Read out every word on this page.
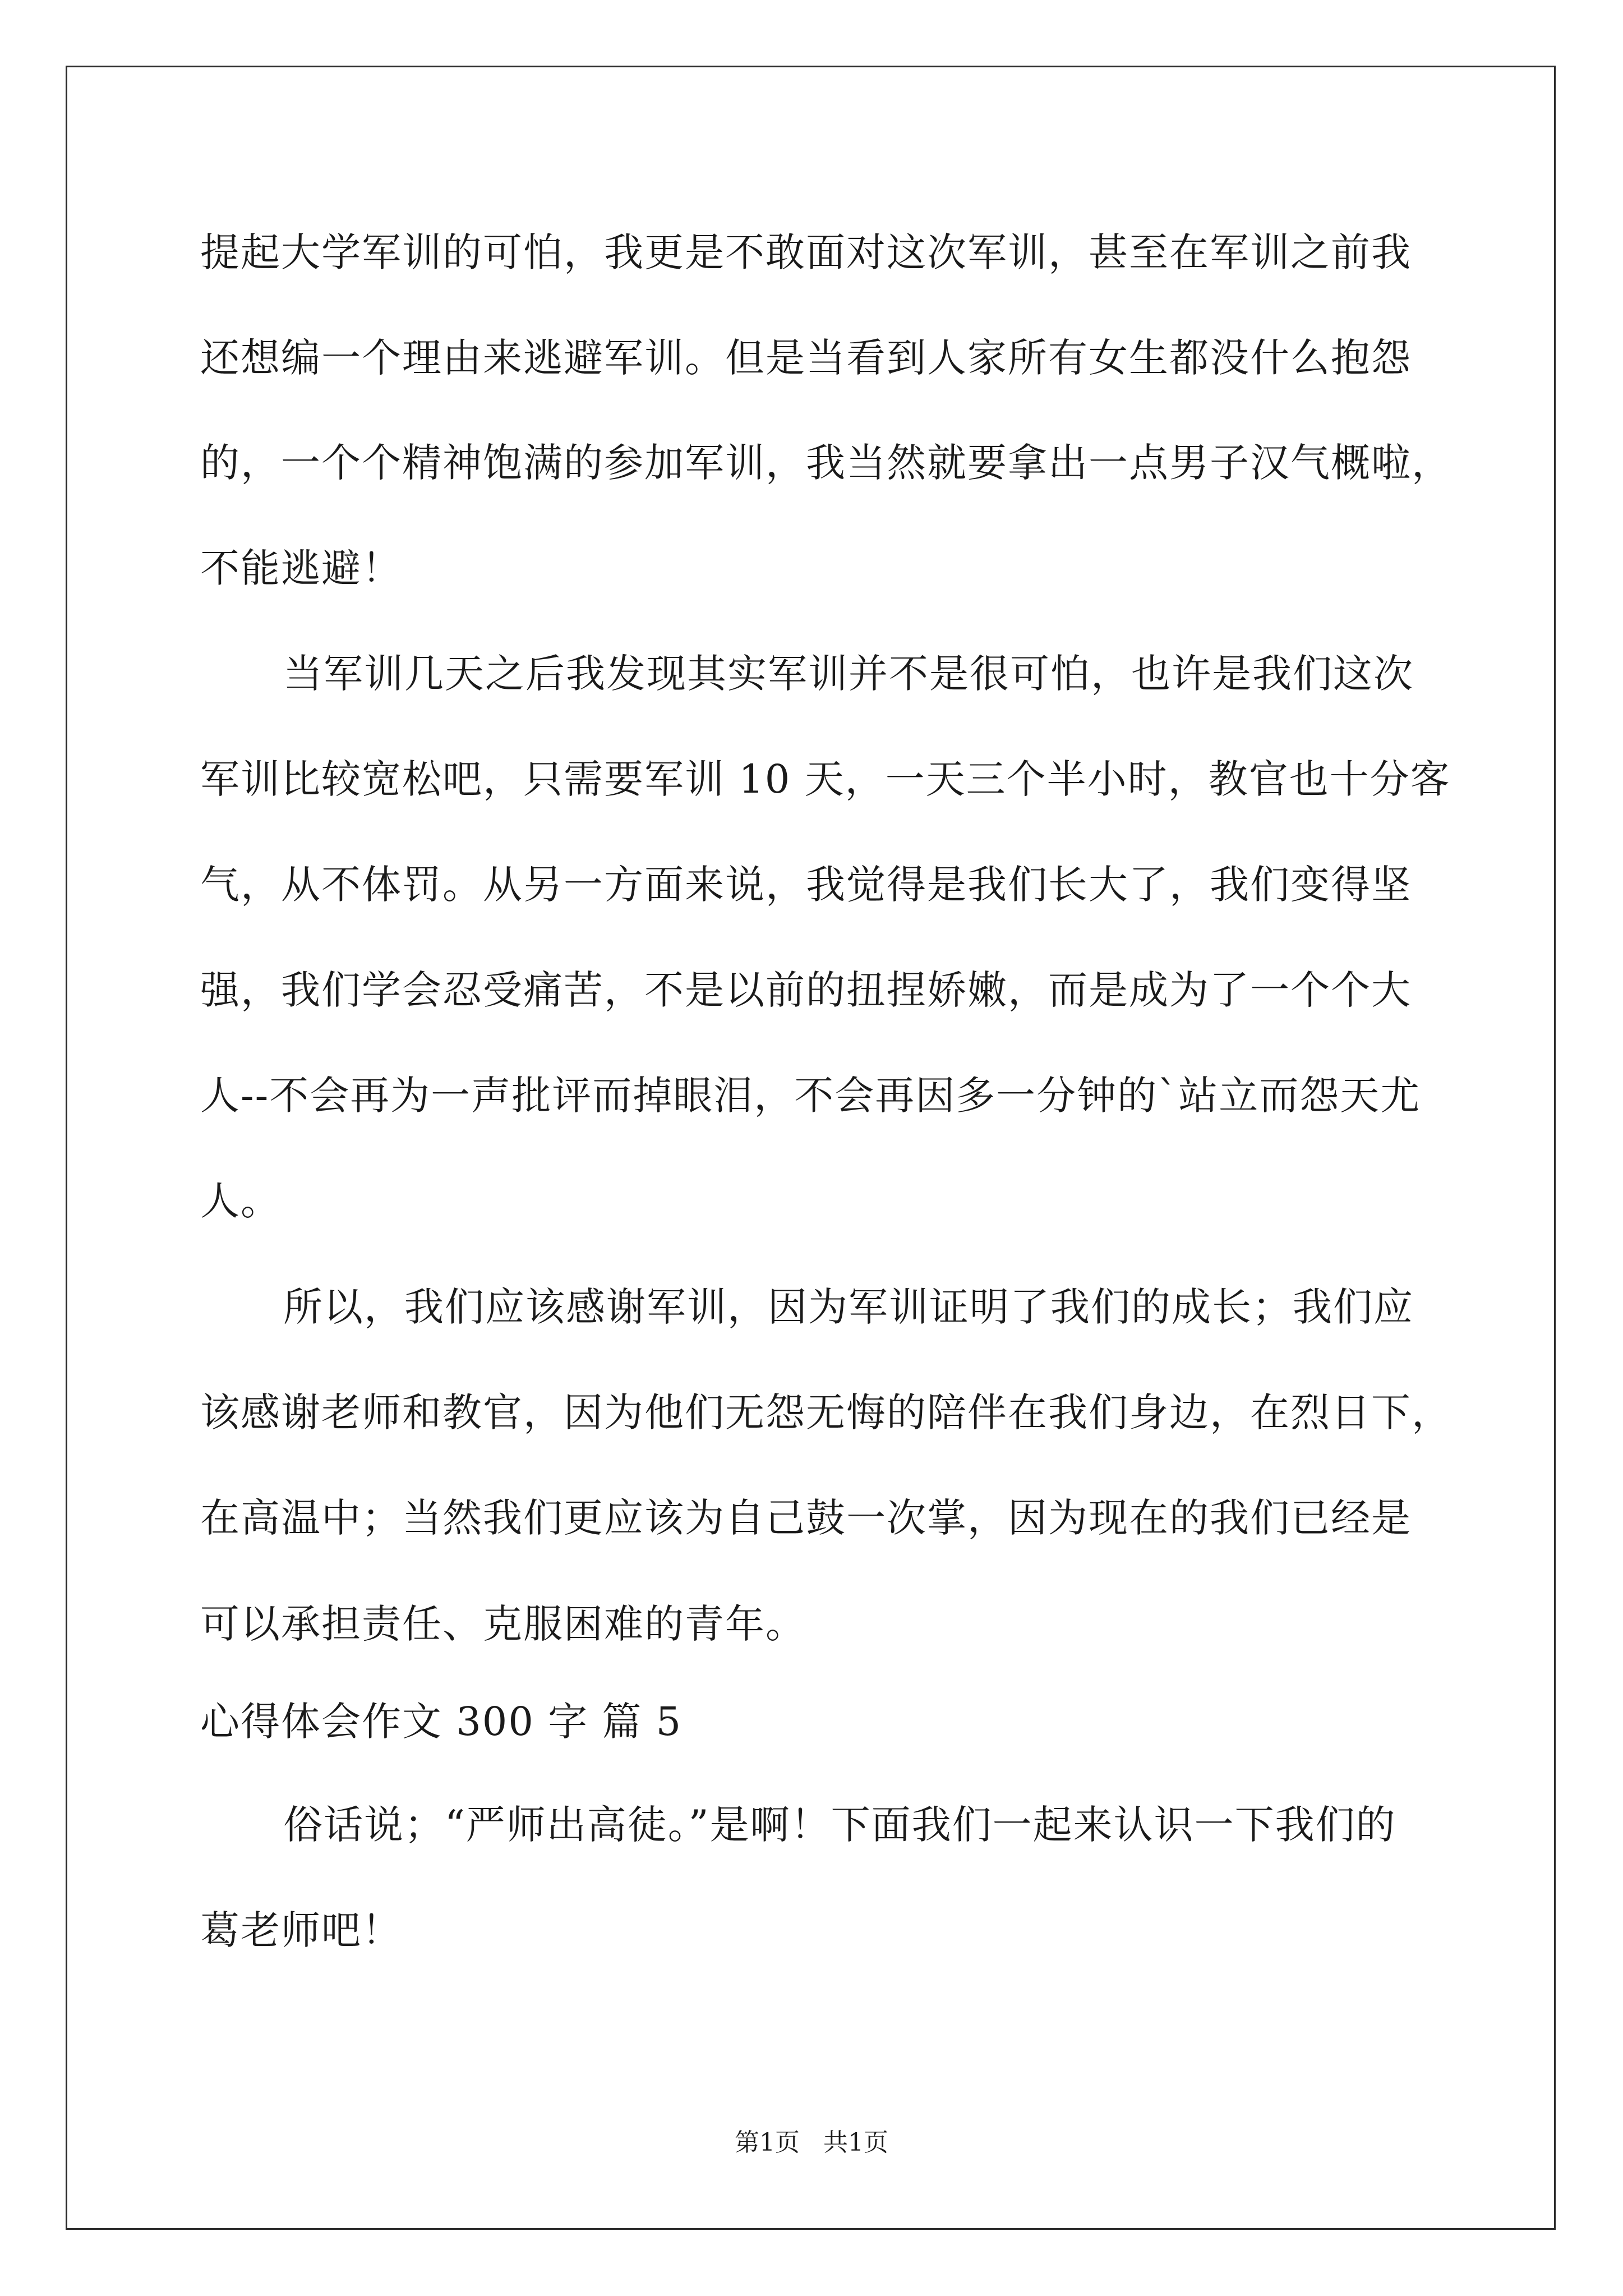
提起大学军训的可怕，我更是不敢面对这次军训，甚至在军训之前我
还想编一个理由来逃避军训。但是当看到人家所有女生都没什么抱怨
的，一个个精神饱满的参加军训，我当然就要拿出一点男子汉气概啦，
不能逃避！
当军训几天之后我发现其实军训并不是很可怕，也许是我们这次
军训比较宽松吧，只需要军训 10 天，一天三个半小时，教官也十分客
气，从不体罚。从另一方面来说，我觉得是我们长大了，我们变得坚
强，我们学会忍受痛苦，不是以前的扭捏娇嫩，而是成为了一个个大
人--不会再为一声批评而掉眼泪，不会再因多一分钟的`站立而怨天尤
人。
所以，我们应该感谢军训，因为军训证明了我们的成长；我们应
该感谢老师和教官，因为他们无怨无悔的陪伴在我们身边，在烈日下，
在高温中；当然我们更应该为自己鼓一次掌，因为现在的我们已经是
可以承担责任、克服困难的青年。
心得体会作文 300 字 篇 5
俗话说；“严师出高徒。”是啊！下面我们一起来认识一下我们的
葛老师吧！
第1页   共1页
